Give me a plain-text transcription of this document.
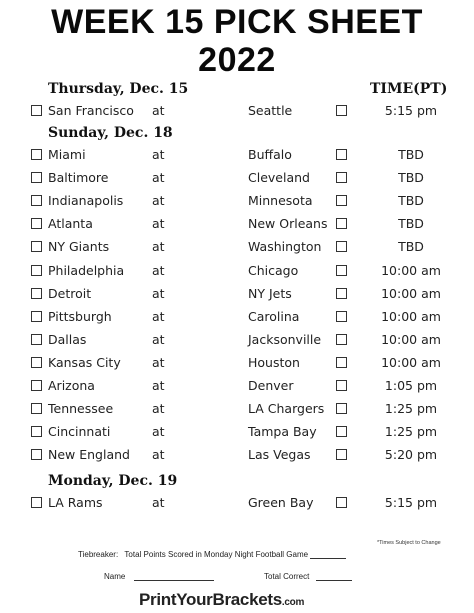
WEEK 15 PICK SHEET
2022
TIME(PT)
Thursday, Dec. 15
San Francisco at	Seattle	5:15 pm
Sunday, Dec. 18
Miami	at	Buffalo	TBD
Baltimore	at	Cleveland	TBD
Indianapolis at	Minnesota	TBD
Atlanta	at	New Orleans	TBD
NY Giants	at	Washington	TBD
Philadelphia at	Chicago	10:00 am
Detroit	at	NY Jets	10:00 am
Pittsburgh	at	Carolina	10:00 am
Dallas	at	Jacksonville	10:00 am
Kansas City	at	Houston	10:00 am
Arizona	at	Denver	1:05 pm
Tennessee	at	LA Chargers	1:25 pm
Cincinnati	at	Tampa Bay	1:25 pm
New England at	Las Vegas	5:20 pm
Monday, Dec. 19
LA Rams	at	Green Bay	5:15 pm
*Times Subject to Change
Tiebreaker: Total Points Scored in Monday Night Football Game
Name	Total Correct
PrintYourBrackets.com
